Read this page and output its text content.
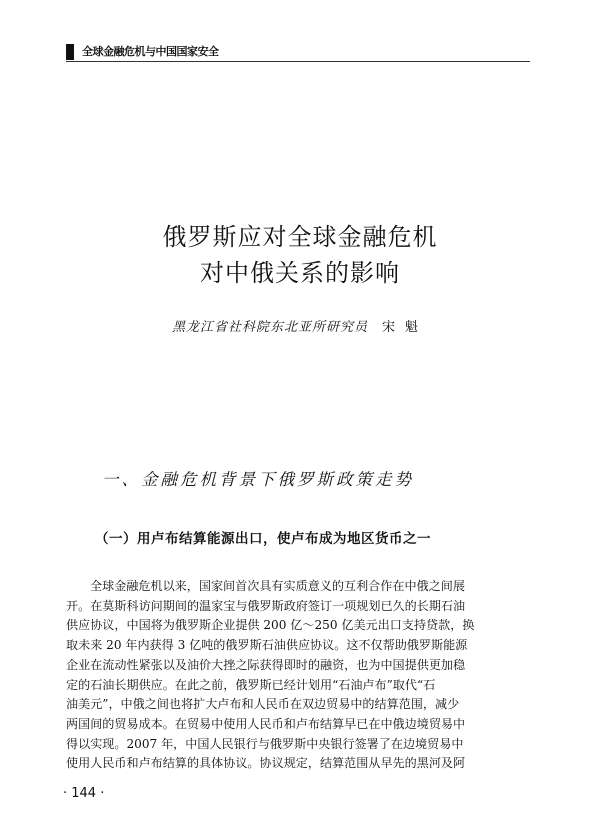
全球金融危机与中国国家安全
俄罗斯应对全球金融危机
对中俄关系的影响
黑龙江省社科院东北亚所研究员 宋魁
一、金融危机背景下俄罗斯政策走势
（一）用卢布结算能源出口，使卢布成为地区货币之一

全球金融危机以来，国家间首次具有实质意义的互利合作在中俄之间展
开。在莫斯科访问期间的温家宝与俄罗斯政府签订一项规划已久的长期石油
供应协议，中国将为俄罗斯企业提供 200 亿～250 亿美元出口支持贷款，换
取未来 20 年内获得 3 亿吨的俄罗斯石油供应协议。这不仅帮助俄罗斯能源
企业在流动性紧张以及油价大挫之际获得即时的融资，也为中国提供更加稳
定的石油长期供应。在此之前，俄罗斯已经计划用“石油卢布”取代“石
油美元”，中俄之间也将扩大卢布和人民币在双边贸易中的结算范围，减少
两国间的贸易成本。在贸易中使用人民币和卢布结算早已在中俄边境贸易中
得以实现。2007 年，中国人民银行与俄罗斯中央银行签署了在边境贸易中
使用人民币和卢布结算的具体协议。协议规定，结算范围从早先的黑河及阿

· 144 ·
